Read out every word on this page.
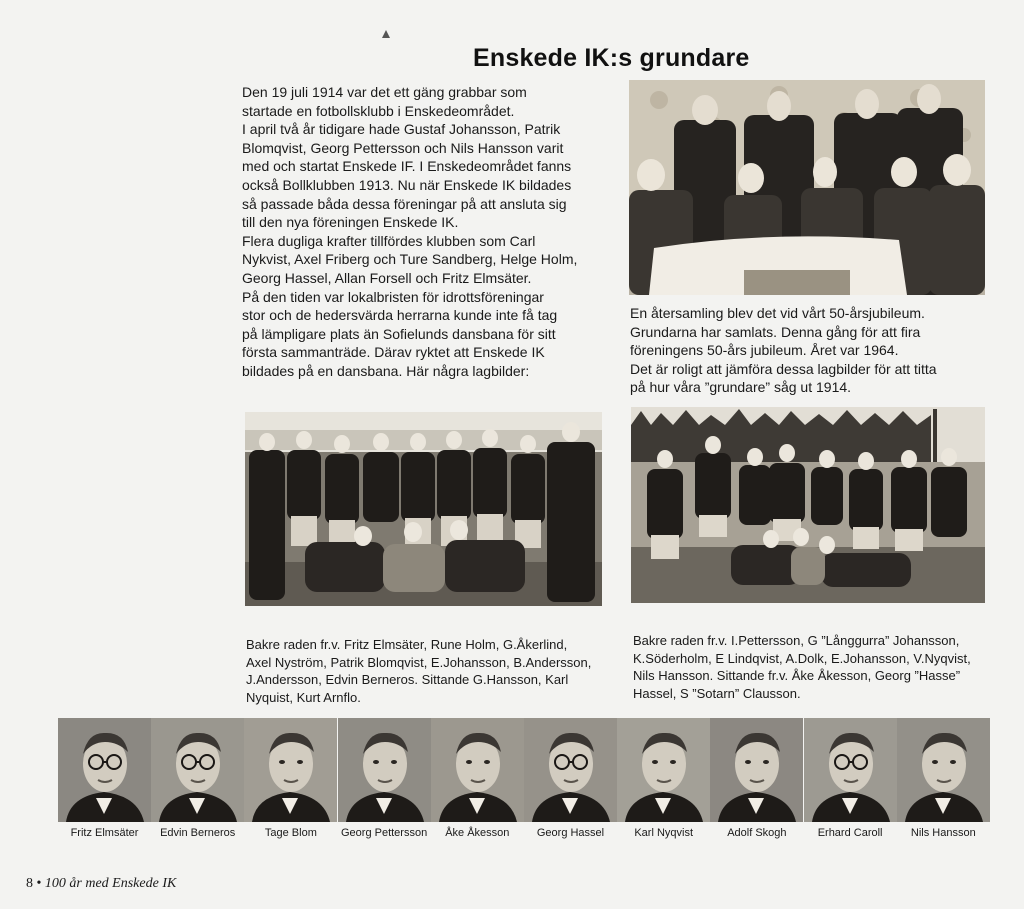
Enskede IK:s grundare

Den 19 juli 1914 var det ett gäng grabbar som

startade en fotbollsklubb i Enskedeområdet.

I april två år tidigare hade Gustaf Johansson, Patrik

Blomqvist, Georg Pettersson och Nils Hansson varit

med och startat Enskede IF. I Enskedeområdet fanns

också Bollklubben 1913. Nu när Enskede IK bildades

så passade båda dessa föreningar på att ansluta sig

till den nya föreningen Enskede IK.

Flera dugliga krafter tillfördes klubben som Carl

Nykvist, Axel Friberg och Ture Sandberg, Helge Holm,

Georg Hassel, Allan Forsell och Fritz Elmsäter.

På den tiden var lokalbristen för idrottsföreningar

stor och de hedersvärda herrarna kunde inte få tag

på lämpligare plats än Sofielunds dansbana för sitt

första sammanträde. Därav ryktet att Enskede IK

bildades på en dansbana. Här några lagbilder:

En återsamling blev det vid vårt 50-årsjubileum.

Grundarna har samlats. Denna gång för att fira

föreningens 50-års jubileum. Året var 1964.

Det är roligt att jämföra dessa lagbilder för att titta

på hur våra ”grundare” såg ut 1914.

Bakre raden fr.v. Fritz Elmsäter, Rune Holm, G.Åkerlind,

Axel Nyström, Patrik Blomqvist, E.Johansson, B.Andersson,

J.Andersson, Edvin Berneros. Sittande G.Hansson, Karl

Nyquist, Kurt Arnflo.

Bakre raden fr.v. I.Pettersson, G ”Långgurra” Johansson,

K.Söderholm, E Lindqvist, A.Dolk, E.Johansson, V.Nyqvist,

Nils Hansson. Sittande fr.v. Åke Åkesson, Georg ”Hasse”

Hassel, S ”Sotarn” Clausson.

Fritz Elmsäter	Edvin Berneros	Tage Blom	Georg Pettersson	Åke Åkesson	Georg Hassel	Karl Nyqvist	Adolf Skogh	Erhard Caroll	Nils Hansson
8 • 100 år med Enskede IK
